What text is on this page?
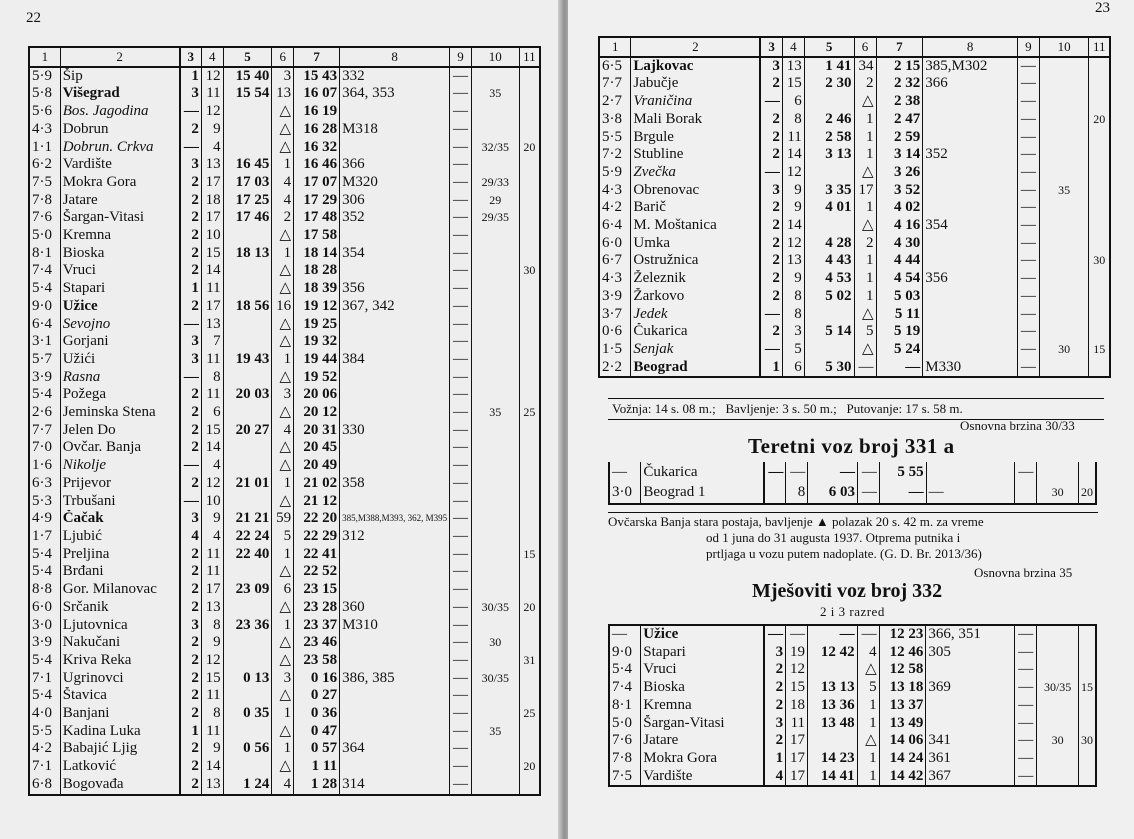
22
1	2	3	4	5	6	7	8	9	10	11
5·9	Šip	1	12	15 40	3	15 43	332	—		
5·8	Višegrad	3	11	15 54	13	16 07	364, 353	—	35	
5·6	Bos. Jagodina	—	12		△	16 19		—		
4·3	Dobrun	2	9		△	16 28	M318	—		
1·1	Dobrun. Crkva	—	4		△	16 32		—	32/35	20
6·2	Vardište	3	13	16 45	1	16 46	366	—		
7·5	Mokra Gora	2	17	17 03	4	17 07	M320	—	29/33	
7·8	Jatare	2	18	17 25	4	17 29	306	—	29	
7·6	Šargan-Vitasi	2	17	17 46	2	17 48	352	—	29/35	
5·0	Kremna	2	10		△	17 58		—		
8·1	Bioska	2	15	18 13	1	18 14	354	—		
7·4	Vruci	2	14		△	18 28		—		30
5·4	Stapari	1	11		△	18 39	356	—		
9·0	Užice	2	17	18 56	16	19 12	367, 342	—		
6·4	Sevojno	—	13		△	19 25		—		
3·1	Gorjani	3	7		△	19 32		—		
5·7	Užići	3	11	19 43	1	19 44	384	—		
3·9	Rasna	—	8		△	19 52		—		
5·4	Požega	2	11	20 03	3	20 06		—		
2·6	Jeminska Stena	2	6		△	20 12		—	35	25
7·7	Jelen Do	2	15	20 27	4	20 31	330	—		
7·0	Ovčar. Banja	2	14		△	20 45		—		
1·6	Nikolje	—	4		△	20 49		—		
6·3	Prijevor	2	12	21 01	1	21 02	358	—		
5·3	Trbušani	—	10		△	21 12		—		
4·9	Čačak	3	9	21 21	59	22 20	385,M388,M393, 362, M395	—		
1·7	Ljubić	4	4	22 24	5	22 29	312	—		
5·4	Preljina	2	11	22 40	1	22 41		—		15
5·4	Brđani	2	11		△	22 52		—		
8·8	Gor. Milanovac	2	17	23 09	6	23 15		—		
6·0	Srčanik	2	13		△	23 28	360	—	30/35	20
3·0	Ljutovnica	3	8	23 36	1	23 37	M310	—		
3·9	Nakučani	2	9		△	23 46		—	30	
5·4	Kriva Reka	2	12		△	23 58		—		31
7·1	Ugrinovci	2	15	0 13	3	0 16	386, 385	—	30/35	
5·4	Štavica	2	11		△	0 27		—		
4·0	Banjani	2	8	0 35	1	0 36		—		25
5·5	Kadina Luka	1	11		△	0 47		—	35	
4·2	Babajić Ljig	2	9	0 56	1	0 57	364	—		
7·1	Latković	2	14		△	1 11		—		20
6·8	Bogovađa	2	13	1 24	4	1 28	314	—		
23
1	2	3	4	5	6	7	8	9	10	11
6·5	Lajkovac	3	13	1 41	34	2 15	385,M302	—		
7·7	Jabučje	2	15	2 30	2	2 32	366	—		
2·7	Vraničina	—	6		△	2 38		—		
3·8	Mali Borak	2	8	2 46	1	2 47		—		20
5·5	Brgule	2	11	2 58	1	2 59		—		
7·2	Stubline	2	14	3 13	1	3 14	352	—		
5·9	Zvečka	—	12		△	3 26		—		
4·3	Obrenovac	3	9	3 35	17	3 52		—	35	
4·2	Barič	2	9	4 01	1	4 02		—		
6·4	M. Moštanica	2	14		△	4 16	354	—		
6·0	Umka	2	12	4 28	2	4 30		—		
6·7	Ostružnica	2	13	4 43	1	4 44		—		30
4·3	Železnik	2	9	4 53	1	4 54	356	—		
3·9	Žarkovo	2	8	5 02	1	5 03		—		
3·7	Jedek	—	8		△	5 11		—		
0·6	Čukarica	2	3	5 14	5	5 19		—		
1·5	Senjak	—	5		△	5 24		—	30	15
2·2	Beograd	1	6	5 30	—	—	M330	—		
Vožnja: 14 s. 08 m.; Bavljenje: 3 s. 50 m.; Putovanje: 17 s. 58 m.
Osnovna brzina 30/33
Teretni voz broj 331 a
—	Čukarica	—	—	—	—	5 55		—		
3·0	Beograd 1		8	6 03	—	—	—		30	20
Ovčarska Banja stara postaja, bavljenje ▲ polazak 20 s. 42 m. za vreme
od 1 juna do 31 augusta 1937. Otprema putnika i
prtljaga u vozu putem nadoplate. (G. D. Br. 2013/36)
Osnovna brzina 35
Mješoviti voz broj 332
2 i 3 razred
—	Užice	—	—	—	—	12 23	366, 351	—		
9·0	Stapari	3	19	12 42	4	12 46	305	—		
5·4	Vruci	2	12		△	12 58		—		
7·4	Bioska	2	15	13 13	5	13 18	369	—	30/35	15
8·1	Kremna	2	18	13 36	1	13 37		—		
5·0	Šargan-Vitasi	3	11	13 48	1	13 49		—		
7·6	Jatare	2	17		△	14 06	341	—	30	30
7·8	Mokra Gora	1	17	14 23	1	14 24	361	—		
7·5	Vardište	4	17	14 41	1	14 42	367	—		
